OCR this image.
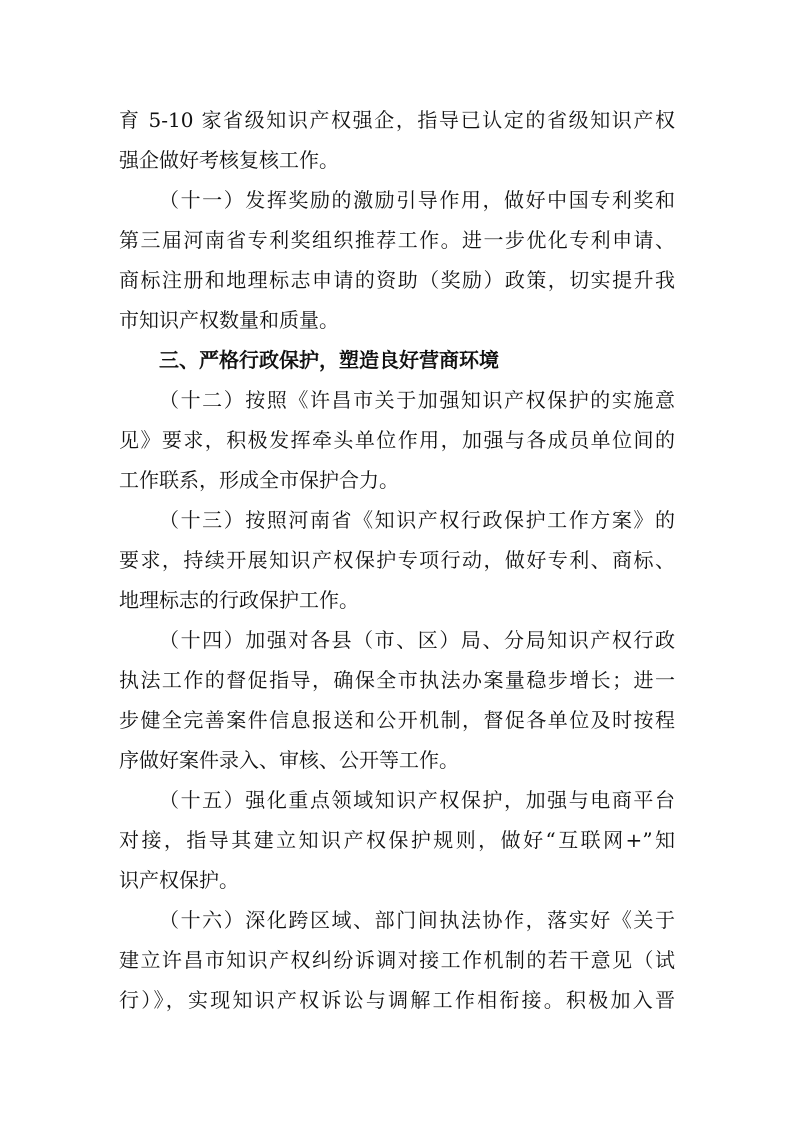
育 5-10 家省级知识产权强企，指导已认定的省级知识产权
强企做好考核复核工作。
（十一）发挥奖励的激励引导作用，做好中国专利奖和
第三届河南省专利奖组织推荐工作。进一步优化专利申请、
商标注册和地理标志申请的资助（奖励）政策，切实提升我
市知识产权数量和质量。
三、严格行政保护，塑造良好营商环境
（十二）按照《许昌市关于加强知识产权保护的实施意
见》要求，积极发挥牵头单位作用，加强与各成员单位间的
工作联系，形成全市保护合力。
（十三）按照河南省《知识产权行政保护工作方案》的
要求，持续开展知识产权保护专项行动，做好专利、商标、
地理标志的行政保护工作。
（十四）加强对各县（市、区）局、分局知识产权行政
执法工作的督促指导，确保全市执法办案量稳步增长；进一
步健全完善案件信息报送和公开机制，督促各单位及时按程
序做好案件录入、审核、公开等工作。
（十五）强化重点领域知识产权保护，加强与电商平台
对接，指导其建立知识产权保护规则，做好“互联网+”知
识产权保护。
（十六）深化跨区域、部门间执法协作，落实好《关于
建立许昌市知识产权纠纷诉调对接工作机制的若干意见（试
行）》，实现知识产权诉讼与调解工作相衔接。积极加入晋
